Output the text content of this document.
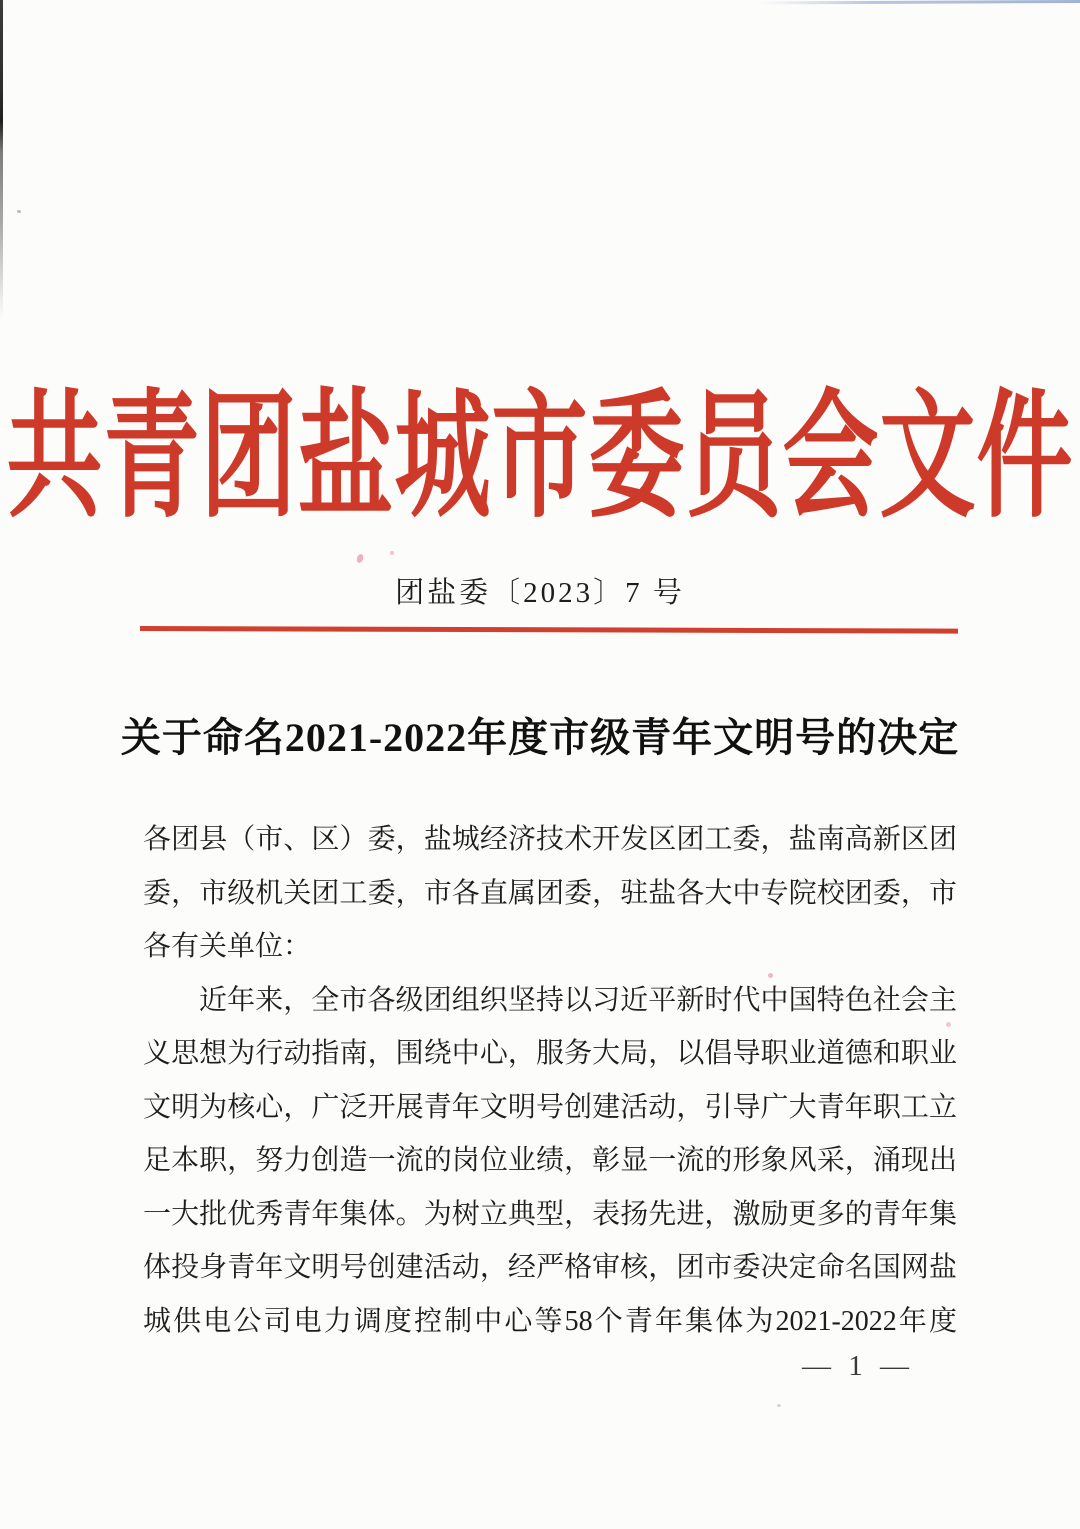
共青团盐城市委员会文件
团盐委〔2023〕7 号
关于命名2021-2022年度市级青年文明号的决定
各团县（市、区）委，盐城经济技术开发区团工委，盐南高新区团
委，市级机关团工委，市各直属团委，驻盐各大中专院校团委，市
各有关单位：
近年来，全市各级团组织坚持以习近平新时代中国特色社会主
义思想为行动指南，围绕中心，服务大局，以倡导职业道德和职业
文明为核心，广泛开展青年文明号创建活动，引导广大青年职工立
足本职，努力创造一流的岗位业绩，彰显一流的形象风采，涌现出
一大批优秀青年集体。为树立典型，表扬先进，激励更多的青年集
体投身青年文明号创建活动，经严格审核，团市委决定命名国网盐
城供电公司电力调度控制中心等58个青年集体为2021-2022年度
— 1 —
